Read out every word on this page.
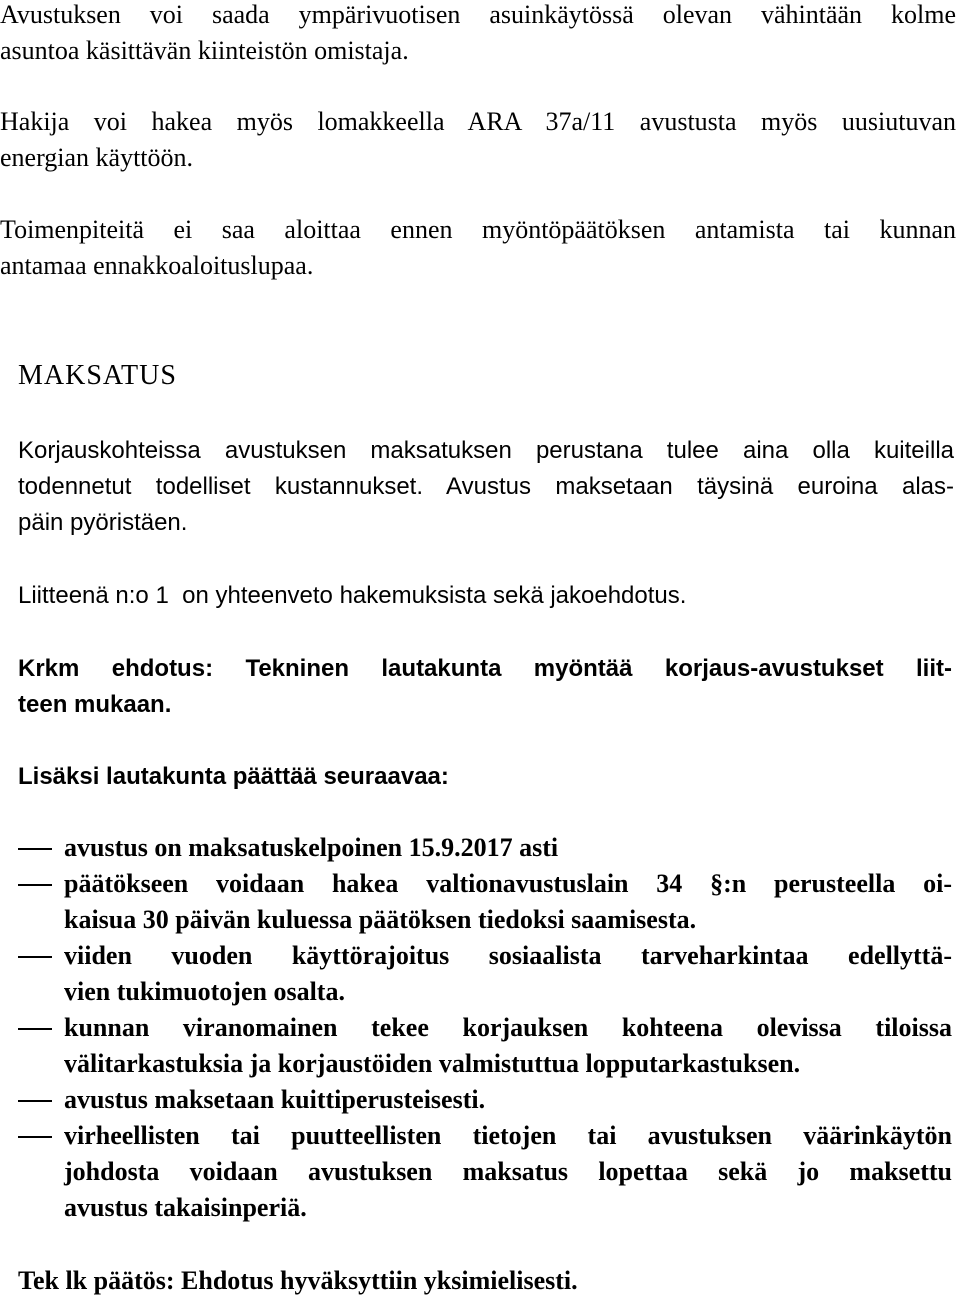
Avustuksen voi saada ympärivuotisen asuinkäytössä olevan vähintään kolme
asuntoa käsittävän kiinteistön omistaja.
Hakija voi hakea myös lomakkeella ARA 37a/11 avustusta myös uusiutuvan
energian käyttöön.
Toimenpiteitä ei saa aloittaa ennen myöntöpäätöksen antamista tai kunnan
antamaa ennakkoaloituslupaa.
MAKSATUS
Korjauskohteissa avustuksen maksatuksen perustana tulee aina olla kuiteilla
todennetut todelliset kustannukset. Avustus maksetaan täysinä euroina alas-
päin pyöristäen.
Liitteenä n:o 1  on yhteenveto hakemuksista sekä jakoehdotus.
Krkm ehdotus: Tekninen lautakunta myöntää korjaus-avustukset liit-
teen mukaan.
Lisäksi lautakunta päättää seuraavaa:
avustus on maksatuskelpoinen 15.9.2017 asti
päätökseen voidaan hakea valtionavustuslain 34 §:n perusteella oi-
kaisua 30 päivän kuluessa päätöksen tiedoksi saamisesta.
viiden vuoden käyttörajoitus sosiaalista tarveharkintaa edellyttä-
vien tukimuotojen osalta.
kunnan viranomainen tekee korjauksen kohteena olevissa tiloissa
välitarkastuksia ja korjaustöiden valmistuttua lopputarkastuksen.
avustus maksetaan kuittiperusteisesti.
virheellisten tai puutteellisten tietojen tai avustuksen väärinkäytön
johdosta voidaan avustuksen maksatus lopettaa sekä jo maksettu
avustus takaisinperiä.
Tek lk päätös: Ehdotus hyväksyttiin yksimielisesti.
